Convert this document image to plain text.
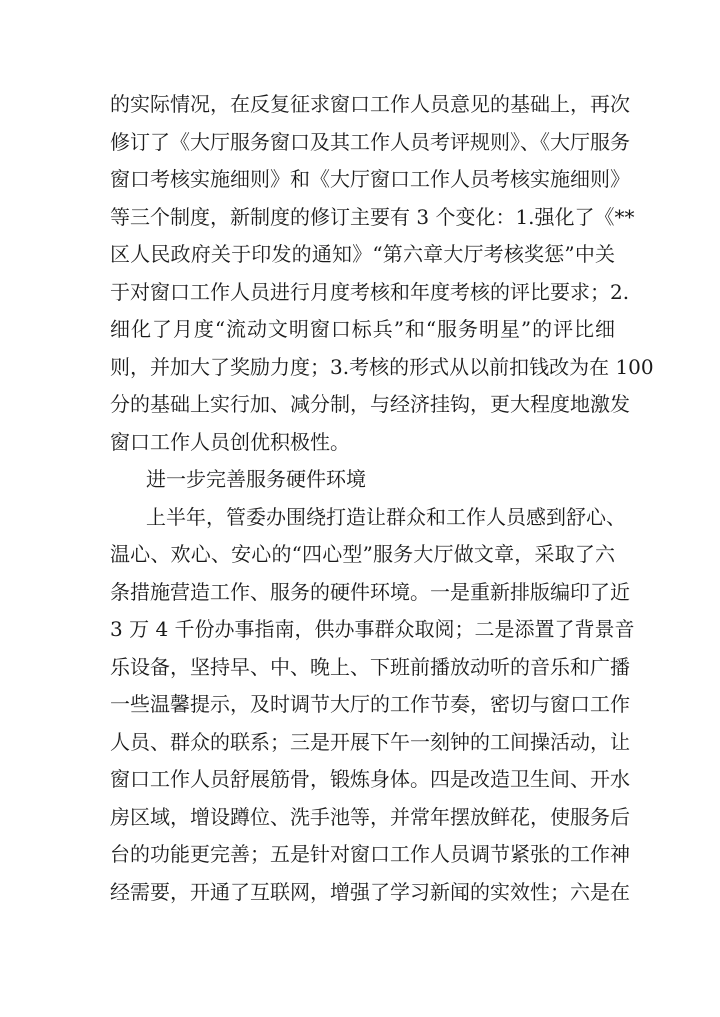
的实际情况，在反复征求窗口工作人员意见的基础上，再次
修订了《大厅服务窗口及其工作人员考评规则》、《大厅服务
窗口考核实施细则》和《大厅窗口工作人员考核实施细则》
等三个制度，新制度的修订主要有 3 个变化：1.强化了《**
区人民政府关于印发的通知》“第六章大厅考核奖惩”中关
于对窗口工作人员进行月度考核和年度考核的评比要求；2.
细化了月度“流动文明窗口标兵”和“服务明星”的评比细
则，并加大了奖励力度；3.考核的形式从以前扣钱改为在 100
分的基础上实行加、减分制，与经济挂钩，更大程度地激发
窗口工作人员创优积极性。
进一步完善服务硬件环境
上半年，管委办围绕打造让群众和工作人员感到舒心、
温心、欢心、安心的“四心型”服务大厅做文章，采取了六
条措施营造工作、服务的硬件环境。一是重新排版编印了近
3 万 4 千份办事指南，供办事群众取阅；二是添置了背景音
乐设备，坚持早、中、晚上、下班前播放动听的音乐和广播
一些温馨提示，及时调节大厅的工作节奏，密切与窗口工作
人员、群众的联系；三是开展下午一刻钟的工间操活动，让
窗口工作人员舒展筋骨，锻炼身体。四是改造卫生间、开水
房区域，增设蹲位、洗手池等，并常年摆放鲜花，使服务后
台的功能更完善；五是针对窗口工作人员调节紧张的工作神
经需要，开通了互联网，增强了学习新闻的实效性；六是在
